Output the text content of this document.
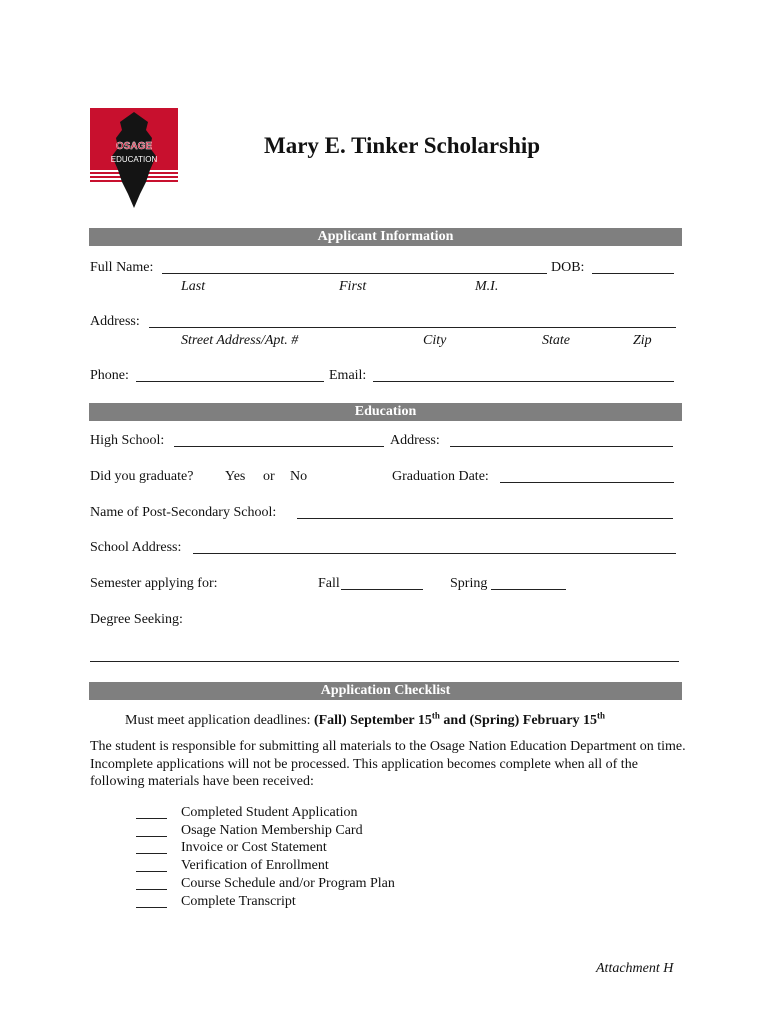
OSAGE
EDUCATION
Mary E. Tinker Scholarship
Applicant Information
Full Name:	DOB:
Last	First	M.I.
Address:
Street Address/Apt. #	City	State	Zip
Phone:	Email:
Education
High School:	Address:
Did you graduate? Yes or No	Graduation Date:
Name of Post-Secondary School:
School Address:
Semester applying for:	Fall	Spring
Degree Seeking:
Application Checklist
Must meet application deadlines: (Fall) September 15th and (Spring) February 15th
The student is responsible for submitting all materials to the Osage Nation Education Department on time. Incomplete applications will not be processed. This application becomes complete when all of the following materials have been received:
Completed Student Application
Osage Nation Membership Card
Invoice or Cost Statement
Verification of Enrollment
Course Schedule and/or Program Plan
Complete Transcript
Attachment H
